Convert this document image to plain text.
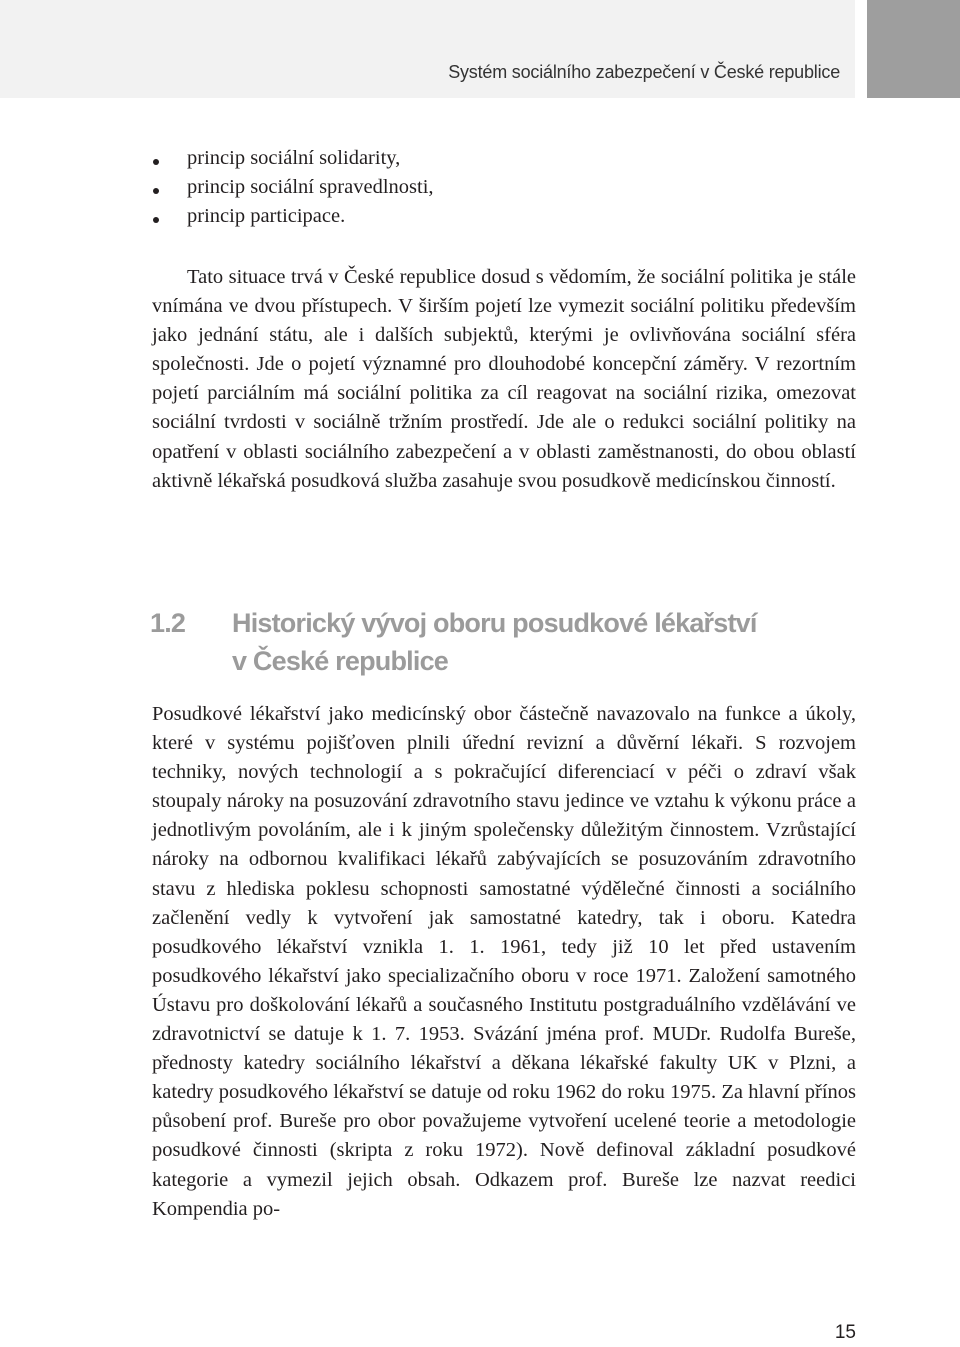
Systém sociálního zabezpečení v České republice
princip sociální solidarity,
princip sociální spravedlnosti,
princip participace.

Tato situace trvá v České republice dosud s vědomím, že sociální politika je stále vnímána ve dvou přístupech. V širším pojetí lze vymezit sociální politiku především jako jednání státu, ale i dalších subjektů, kterými je ovlivňována sociální sféra společnosti. Jde o pojetí významné pro dlouhodobé koncepční záměry. V rezortním pojetí parciálním má sociální politika za cíl reagovat na sociální rizika, omezovat sociální tvrdosti v sociálně tržním prostředí. Jde ale o redukci sociální politiky na opatření v oblasti sociálního zabezpečení a v oblasti zaměstnanosti, do obou oblastí aktivně lékařská posudková služba zasahuje svou posudkově medicínskou činností.

1.2 Historický vývoj oboru posudkové lékařství
v České republice

Posudkové lékařství jako medicínský obor částečně navazovalo na funkce a úkoly, které v systému pojišťoven plnili úřední revizní a důvěrní lékaři. S rozvojem techniky, nových technologií a s pokračující diferenciací v péči o zdraví však stoupaly nároky na posuzování zdravotního stavu jedince ve vztahu k výkonu práce a jednotlivým povoláním, ale i k jiným společensky důležitým činnostem. Vzrůstající nároky na odbornou kvalifikaci lékařů zabývajících se posuzováním zdravotního stavu z hlediska poklesu schopnosti samostatné výdělečné činnosti a sociálního začlenění vedly k vytvoření jak samostatné katedry, tak i oboru. Katedra posudkového lékařství vznikla 1. 1. 1961, tedy již 10 let před ustavením posudkového lékařství jako specializačního oboru v roce 1971. Založení samotného Ústavu pro doškolování lékařů a současného Institutu postgraduálního vzdělávání ve zdravotnictví se datuje k 1. 7. 1953. Svázání jména prof. MUDr. Rudolfa Bureše, přednosty katedry sociálního lékařství a děkana lékařské fakulty UK v Plzni, a katedry posudkového lékařství se datuje od roku 1962 do roku 1975. Za hlavní přínos působení prof. Bureše pro obor považujeme vytvoření ucelené teorie a metodologie posudkové činnosti (skripta z roku 1972). Nově definoval základní posudkové kategorie a vymezil jejich obsah. Odkazem prof. Bureše lze nazvat reedici Kompendia po-

15
